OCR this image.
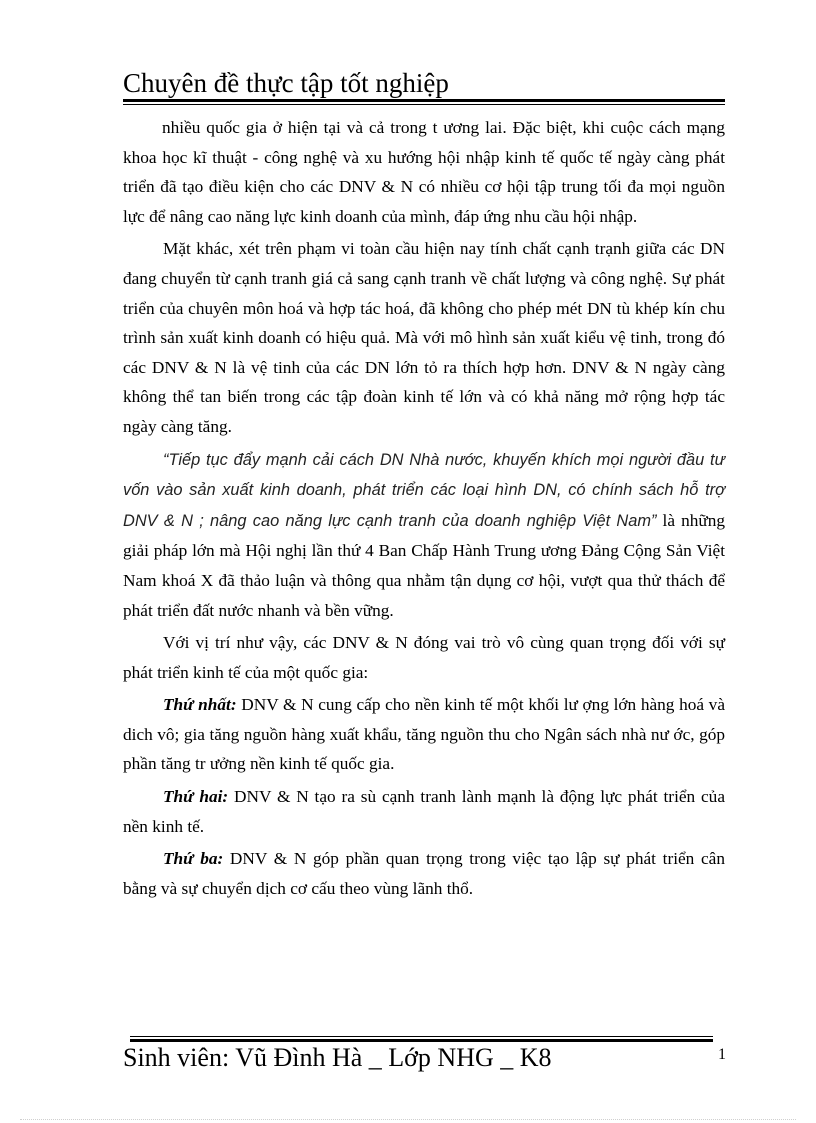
Chuyên đề thực tập tốt nghiệp

nhiều quốc gia ở hiện tại và cả trong t ương lai. Đặc biệt, khi cuộc cách mạng khoa học kĩ thuật - công nghệ và xu hướng hội nhập kinh tế quốc tế ngày càng phát triển đã tạo điều kiện cho các DNV & N có nhiều cơ hội tập trung tối đa mọi nguồn lực để nâng cao năng lực kinh doanh của mình, đáp ứng nhu cầu hội nhập.

Mặt khác, xét trên phạm vi toàn cầu hiện nay tính chất cạnh trạnh giữa các DN đang chuyển từ cạnh tranh giá cả sang cạnh tranh về chất lượng và công nghệ. Sự phát triển của chuyên môn hoá và hợp tác hoá, đã không cho phép mét DN tù khép kín chu trình sản xuất kinh doanh có hiệu quả. Mà với mô hình sản xuất kiểu vệ tinh, trong đó các DNV & N là vệ tinh của các DN lớn tỏ ra thích hợp hơn. DNV & N ngày càng không thể tan biến trong các tập đoàn kinh tế lớn và có khả năng mở rộng hợp tác ngày càng tăng.

“Tiếp tục đẩy mạnh cải cách DN Nhà nước, khuyến khích mọi người đầu tư vốn vào sản xuất kinh doanh, phát triển các loại hình DN, có chính sách hỗ trợ DNV & N ; nâng cao năng lực cạnh tranh của doanh nghiệp Việt Nam” là những giải pháp lớn mà Hội nghị lần thứ 4 Ban Chấp Hành Trung ương Đảng Cộng Sản Việt Nam khoá X đã thảo luận và thông qua nhằm tận dụng cơ hội, vượt qua thử thách để phát triển đất nước nhanh và bền vững.

Với vị trí như vậy, các DNV & N đóng vai trò vô cùng quan trọng đối với sự phát triển kinh tế của một quốc gia:

Thứ nhất: DNV & N cung cấp cho nền kinh tế một khối lư ợng lớn hàng hoá và dich vô; gia tăng nguồn hàng xuất khẩu, tăng nguồn thu cho Ngân sách nhà nư ớc, góp phần tăng tr ưởng nền kinh tế quốc gia.

Thứ hai: DNV & N tạo ra sù cạnh tranh lành mạnh là động lực phát triển của nền kinh tế.

Thứ ba: DNV & N góp phần quan trọng trong việc tạo lập sự phát triển cân bằng và sự chuyển dịch cơ cấu theo vùng lãnh thổ.

Sinh viên: Vũ Đình Hà _ Lớp NHG _ K8	1
